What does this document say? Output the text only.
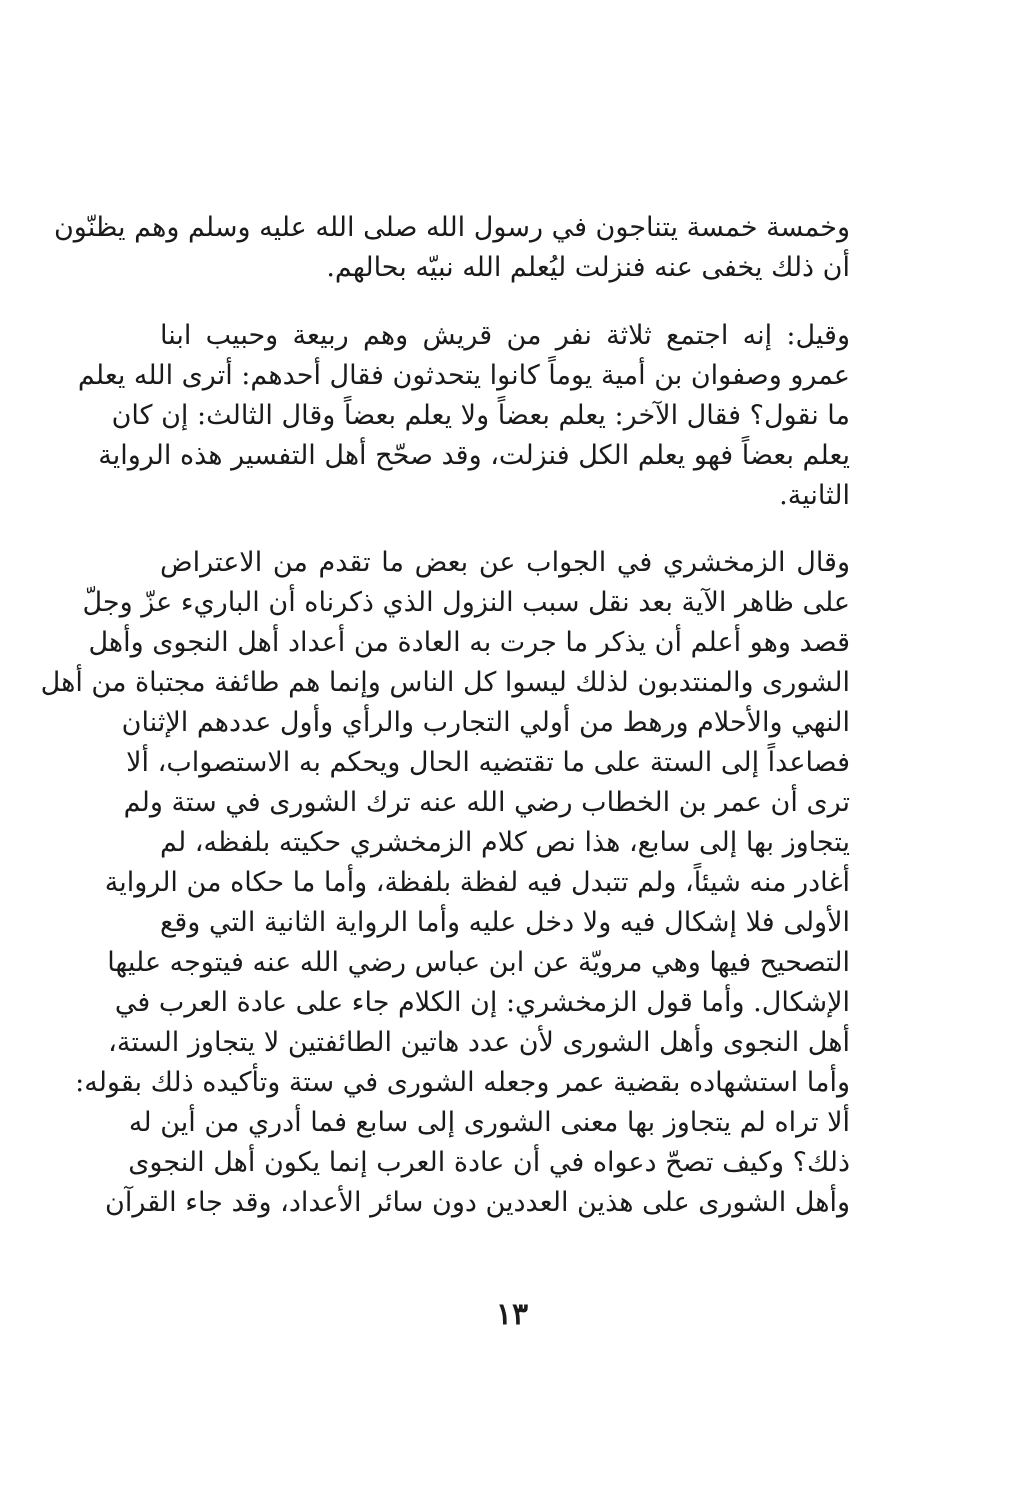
وخمسة خمسة يتناجون في رسول الله صلى الله عليه وسلم وهم يظنّون
أن ذلك يخفى عنه فنزلت ليُعلم الله نبيّه بحالهم.
وقيل: إنه اجتمع ثلاثة نفر من قريش وهم ربيعة وحبيب ابنا
عمرو وصفوان بن أمية يوماً كانوا يتحدثون فقال أحدهم: أترى الله يعلم
ما نقول؟ فقال الآخر: يعلم بعضاً ولا يعلم بعضاً وقال الثالث: إن كان
يعلم بعضاً فهو يعلم الكل فنزلت، وقد صحّح أهل التفسير هذه الرواية
الثانية.
وقال الزمخشري في الجواب عن بعض ما تقدم من الاعتراض
على ظاهر الآية بعد نقل سبب النزول الذي ذكرناه أن الباريء عزّ وجلّ
قصد وهو أعلم أن يذكر ما جرت به العادة من أعداد أهل النجوى وأهل
الشورى والمنتدبون لذلك ليسوا كل الناس وإنما هم طائفة مجتباة من أهل
النهي والأحلام ورهط من أولي التجارب والرأي وأول عددهم الإثنان
فصاعداً إلى الستة على ما تقتضيه الحال ويحكم به الاستصواب، ألا
ترى أن عمر بن الخطاب رضي الله عنه ترك الشورى في ستة ولم
يتجاوز بها إلى سابع، هذا نص كلام الزمخشري حكيته بلفظه، لم
أغادر منه شيئاً، ولم تتبدل فيه لفظة بلفظة، وأما ما حكاه من الرواية
الأولى فلا إشكال فيه ولا دخل عليه وأما الرواية الثانية التي وقع
التصحيح فيها وهي مرويّة عن ابن عباس رضي الله عنه فيتوجه عليها
الإشكال. وأما قول الزمخشري: إن الكلام جاء على عادة العرب في
أهل النجوى وأهل الشورى لأن عدد هاتين الطائفتين لا يتجاوز الستة،
وأما استشهاده بقضية عمر وجعله الشورى في ستة وتأكيده ذلك بقوله:
ألا تراه لم يتجاوز بها معنى الشورى إلى سابع فما أدري من أين له
ذلك؟ وكيف تصحّ دعواه في أن عادة العرب إنما يكون أهل النجوى
وأهل الشورى على هذين العددين دون سائر الأعداد، وقد جاء القرآن
١٣
